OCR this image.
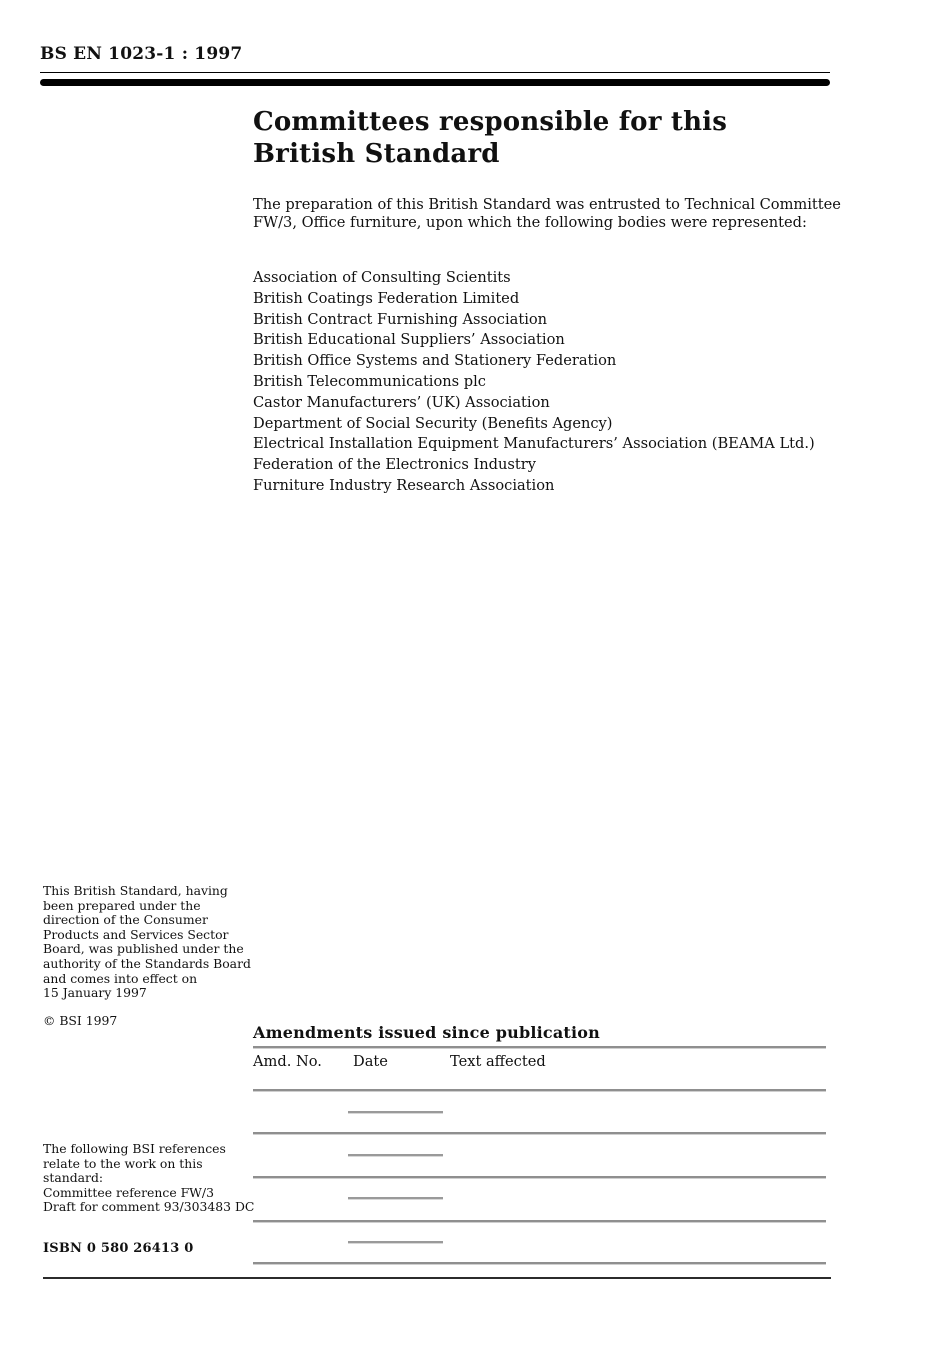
BS EN 1023-1 : 1997
Committees responsible for this
British Standard
The preparation of this British Standard was entrusted to Technical Committee
FW/3, Office furniture, upon which the following bodies were represented:
Association of Consulting Scientits
British Coatings Federation Limited
British Contract Furnishing Association
British Educational Suppliers’ Association
British Office Systems and Stationery Federation
British Telecommunications plc
Castor Manufacturers’ (UK) Association
Department of Social Security (Benefits Agency)
Electrical Installation Equipment Manufacturers’ Association (BEAMA Ltd.)
Federation of the Electronics Industry
Furniture Industry Research Association
This British Standard, having
been prepared under the
direction of the Consumer
Products and Services Sector
Board, was published under the
authority of the Standards Board
and comes into effect on
15 January 1997
© BSI 1997
The following BSI references
relate to the work on this
standard:
Committee reference FW/3
Draft for comment 93/303483 DC
ISBN 0 580 26413 0
Amendments issued since publication
Amd. No. Date	Text affected
